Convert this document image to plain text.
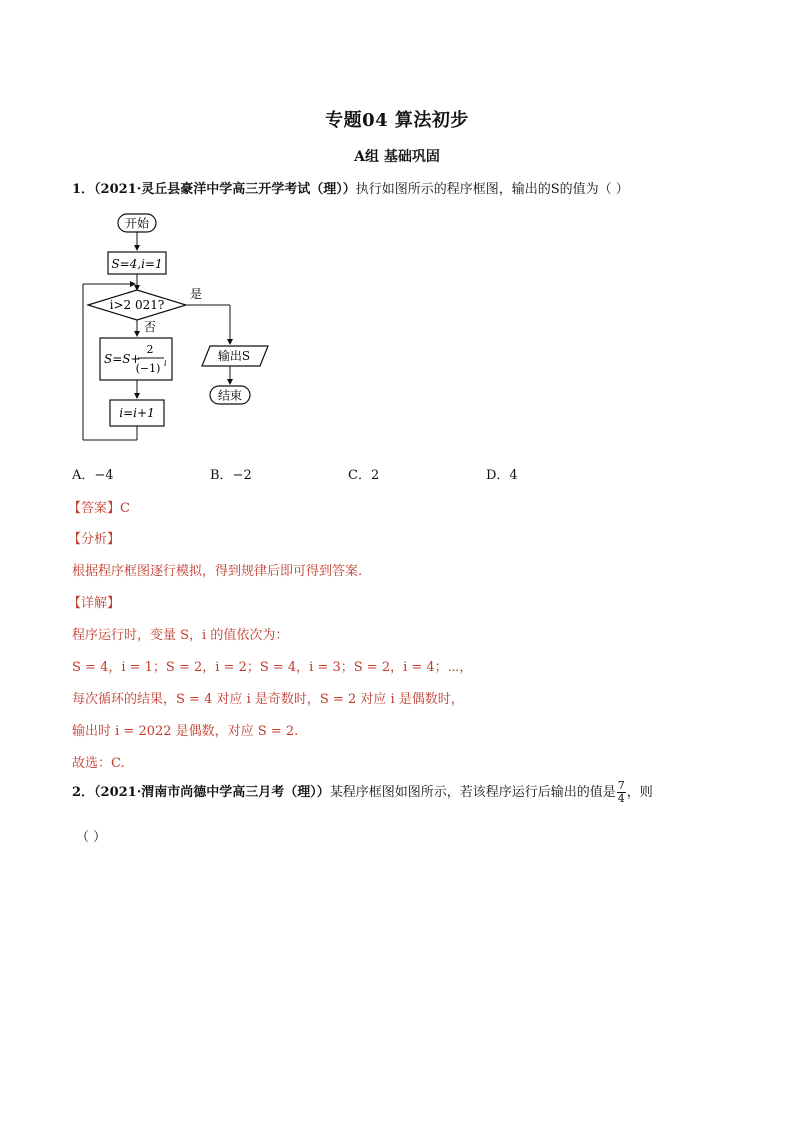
专题04 算法初步
A组 基础巩固
1．（2021·灵丘县豪洋中学高三开学考试（理））执行如图所示的程序框图，输出的S的值为（ ）
开始
S=4,i=1
i>2 021?
是
否
S=S+
2
(−1) i
i=i+1
输出S
结束
A．−4	B．−2	C．2	D．4
【答案】C
【分析】
根据程序框图逐行模拟，得到规律后即可得到答案.
【详解】
程序运行时，变量 S，i 的值依次为：
S = 4，i = 1；S = 2，i = 2；S = 4，i = 3；S = 2，i = 4；⋯，
每次循环的结果，S = 4 对应 i 是奇数时，S = 2 对应 i 是偶数时，
输出时 i = 2022 是偶数，对应 S = 2.
故选：C.
2．（2021·渭南市尚德中学高三月考（理））某程序框图如图所示，若该程序运行后输出的值是 $\frac{7}{4}$ ，则
（ ）
